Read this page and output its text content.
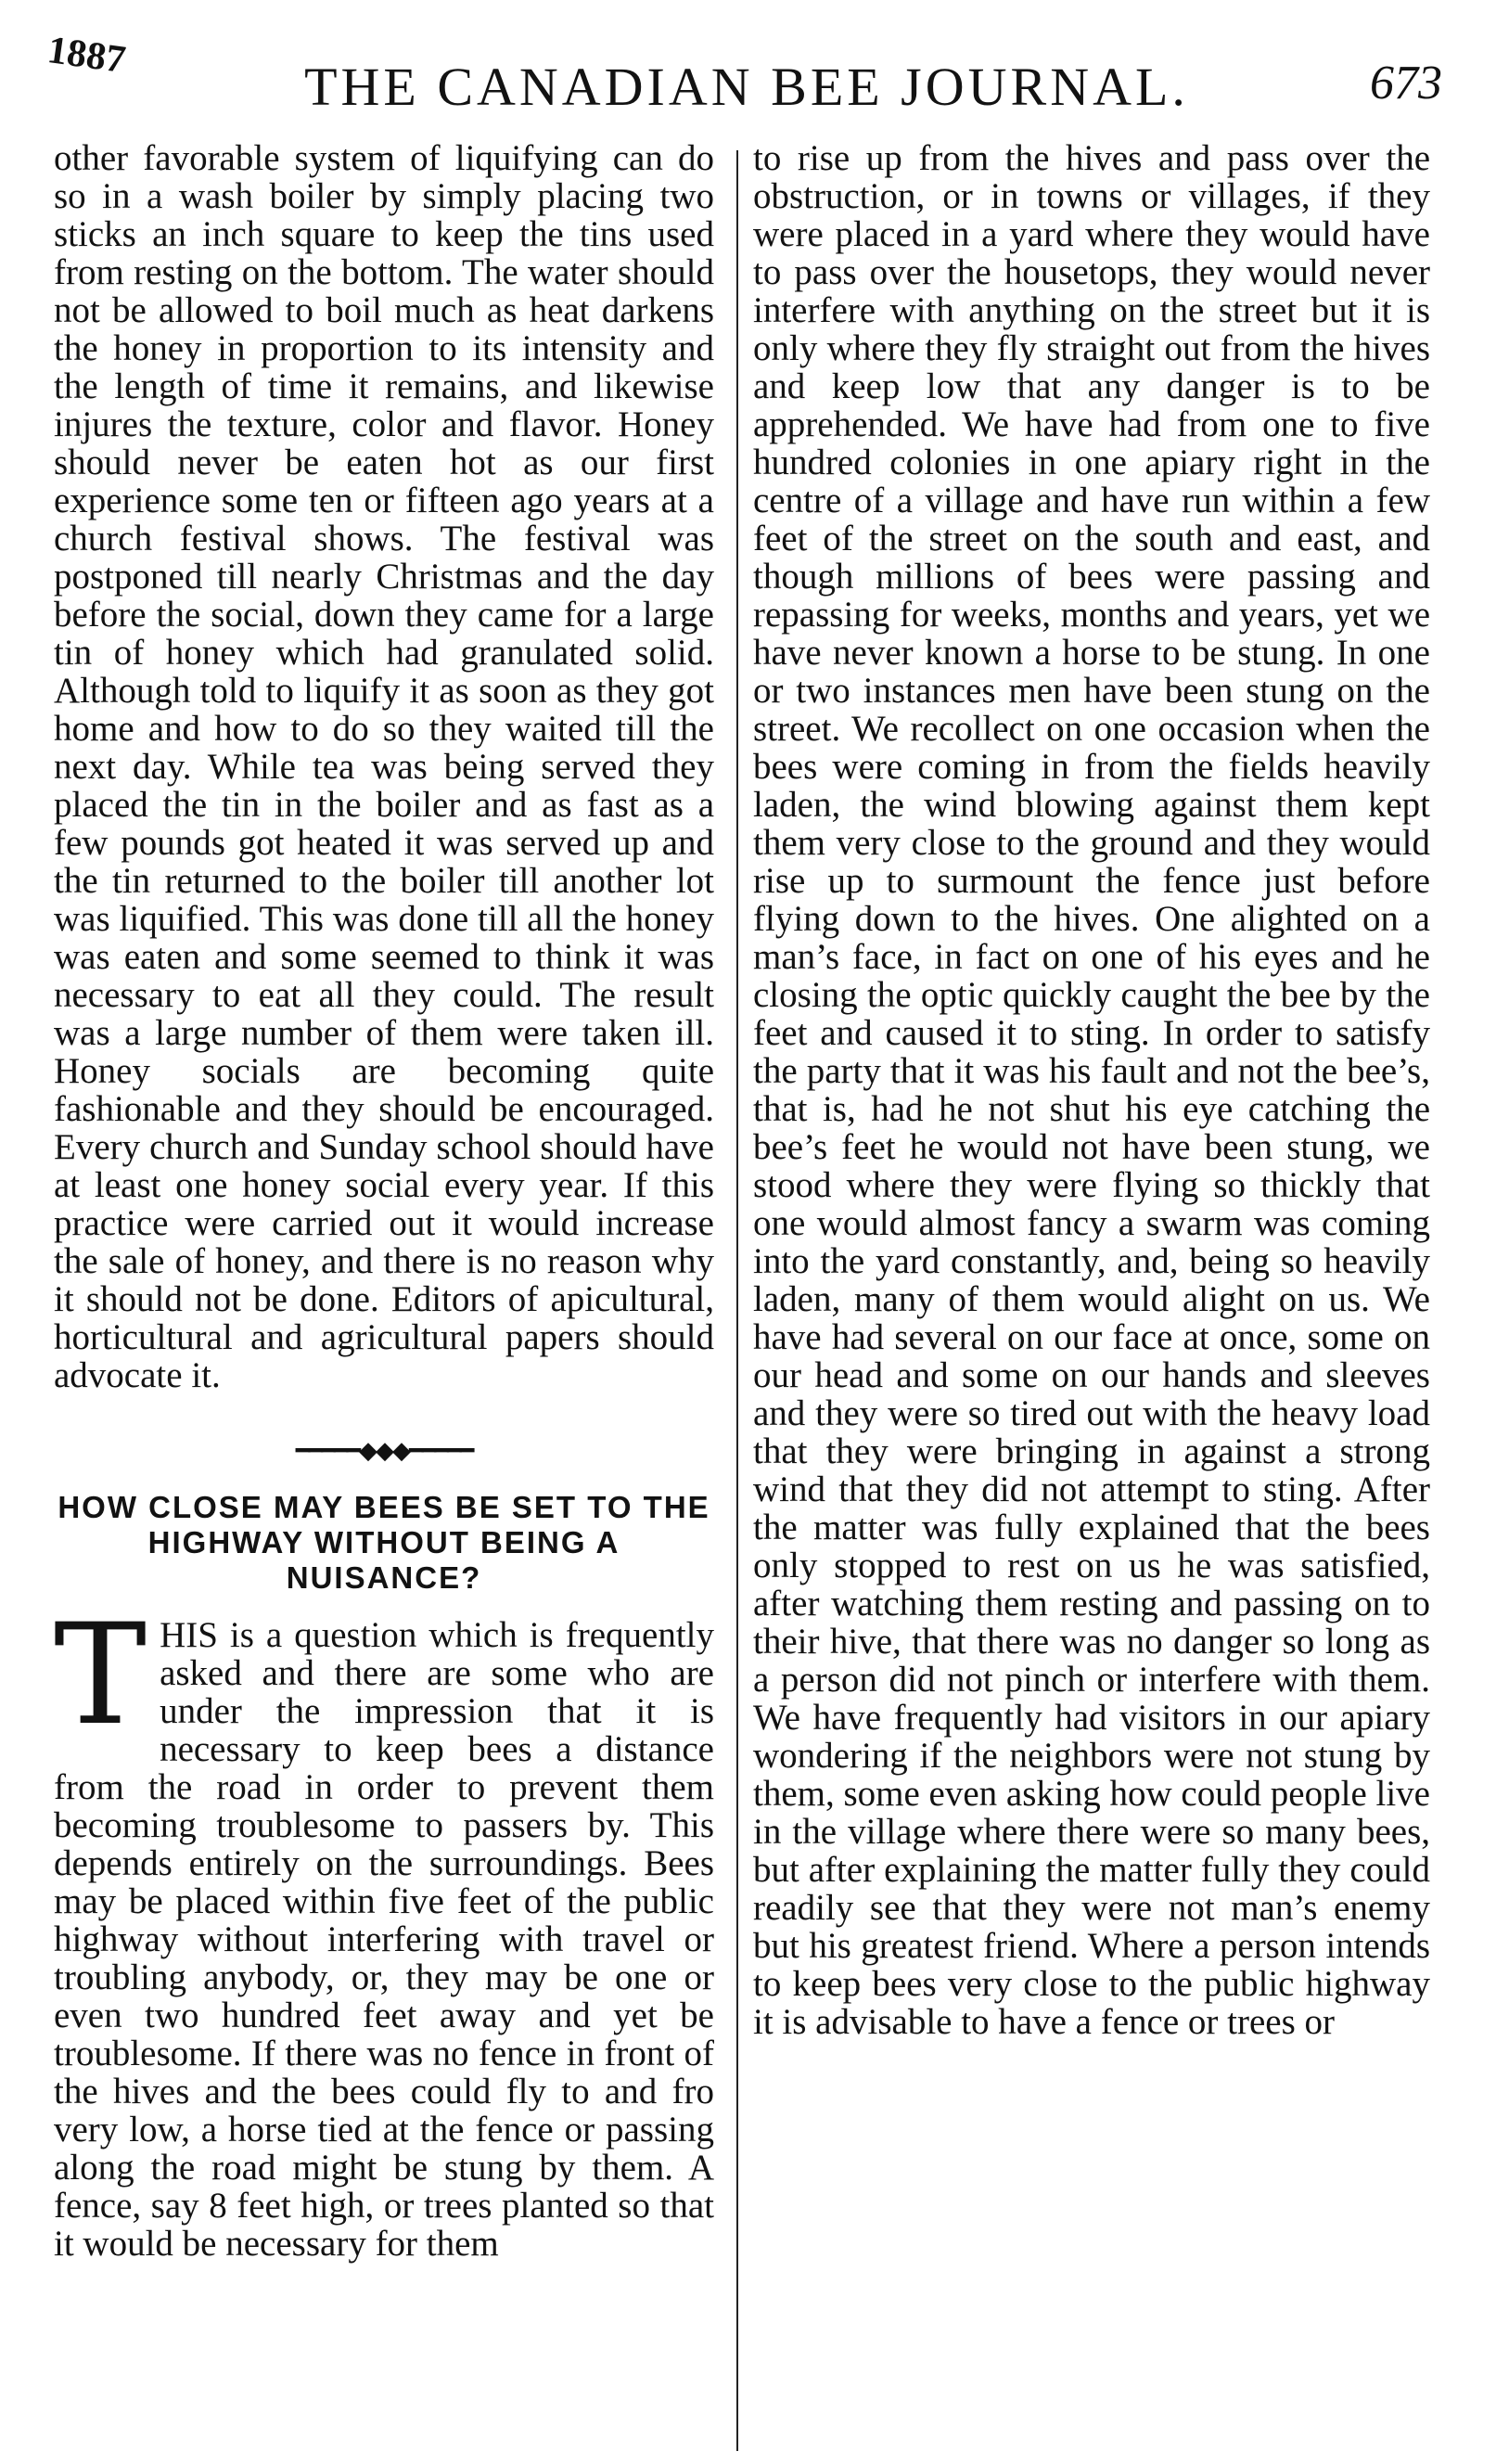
1887
THE CANADIAN BEE JOURNAL.	673

other favorable system of liquifying can do so in a wash boiler by simply placing two sticks an inch square to keep the tins used from resting on the bottom. The water should not be allowed to boil much as heat darkens the honey in proportion to its intensity and the length of time it remains, and likewise injures the texture, color and flavor. Honey should never be eaten hot as our first experience some ten or fifteen ago years at a church festival shows. The festival was postponed till nearly Christmas and the day before the social, down they came for a large tin of honey which had granulated solid. Although told to liquify it as soon as they got home and how to do so they waited till the next day. While tea was being served they placed the tin in the boiler and as fast as a few pounds got heated it was served up and the tin returned to the boiler till another lot was liquified. This was done till all the honey was eaten and some seemed to think it was necessary to eat all they could. The result was a large number of them were taken ill. Honey socials are becoming quite fashionable and they should be encouraged. Every church and Sunday school should have at least one honey social every year. If this practice were carried out it would increase the sale of honey, and there is no reason why it should not be done. Editors of apicultural, horticultural and agricultural papers should advocate it.

━━━━━◆◆◆━━━━━
HOW CLOSE MAY BEES BE SET TO THE HIGHWAY WITHOUT BEING A NUISANCE?

THIS is a question which is frequently asked and there are some who are under the impression that it is necessary to keep bees a distance from the road in order to prevent them becoming troublesome to passers by. This depends entirely on the surroundings. Bees may be placed within five feet of the public highway without interfering with travel or troubling anybody, or, they may be one or even two hundred feet away and yet be troublesome. If there was no fence in front of the hives and the bees could fly to and fro very low, a horse tied at the fence or passing along the road might be stung by them. A fence, say 8 feet high, or trees planted so that it would be necessary for them

to rise up from the hives and pass over the obstruction, or in towns or villages, if they were placed in a yard where they would have to pass over the housetops, they would never interfere with anything on the street but it is only where they fly straight out from the hives and keep low that any danger is to be apprehended. We have had from one to five hundred colonies in one apiary right in the centre of a village and have run within a few feet of the street on the south and east, and though millions of bees were passing and repassing for weeks, months and years, yet we have never known a horse to be stung. In one or two instances men have been stung on the street. We recollect on one occasion when the bees were coming in from the fields heavily laden, the wind blowing against them kept them very close to the ground and they would rise up to surmount the fence just before flying down to the hives. One alighted on a man’s face, in fact on one of his eyes and he closing the optic quickly caught the bee by the feet and caused it to sting. In order to satisfy the party that it was his fault and not the bee’s, that is, had he not shut his eye catching the bee’s feet he would not have been stung, we stood where they were flying so thickly that one would almost fancy a swarm was coming into the yard constantly, and, being so heavily laden, many of them would alight on us. We have had several on our face at once, some on our head and some on our hands and sleeves and they were so tired out with the heavy load that they were bringing in against a strong wind that they did not attempt to sting. After the matter was fully explained that the bees only stopped to rest on us he was satisfied, after watching them resting and passing on to their hive, that there was no danger so long as a person did not pinch or interfere with them. We have frequently had visitors in our apiary wondering if the neighbors were not stung by them, some even asking how could people live in the village where there were so many bees, but after explaining the matter fully they could readily see that they were not man’s enemy but his greatest friend. Where a person intends to keep bees very close to the public highway it is advisable to have a fence or trees or
